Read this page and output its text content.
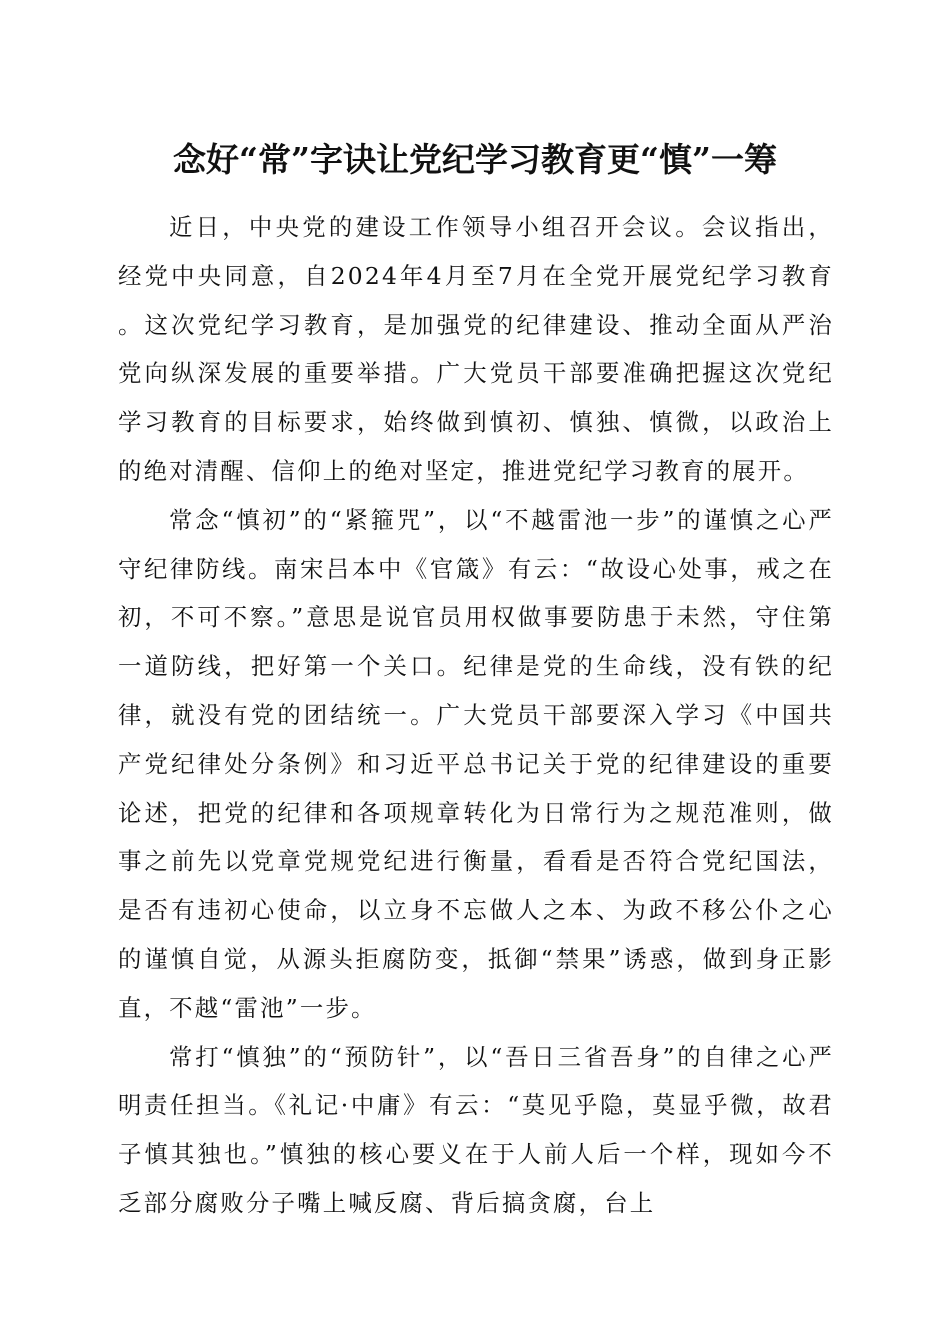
念好“常”字诀让党纪学习教育更“慎”一筹

近日，中央党的建设工作领导小组召开会议。会议指出，经党中央同意，自2024年4月至7月在全党开展党纪学习教育。这次党纪学习教育，是加强党的纪律建设、推动全面从严治党向纵深发展的重要举措。广大党员干部要准确把握这次党纪学习教育的目标要求，始终做到慎初、慎独、慎微，以政治上的绝对清醒、信仰上的绝对坚定，推进党纪学习教育的展开。

常念“慎初”的“紧箍咒”，以“不越雷池一步”的谨慎之心严守纪律防线。南宋吕本中《官箴》有云：“故设心处事，戒之在初，不可不察。”意思是说官员用权做事要防患于未然，守住第一道防线，把好第一个关口。纪律是党的生命线，没有铁的纪律，就没有党的团结统一。广大党员干部要深入学习《中国共产党纪律处分条例》和习近平总书记关于党的纪律建设的重要论述，把党的纪律和各项规章转化为日常行为之规范准则，做事之前先以党章党规党纪进行衡量，看看是否符合党纪国法，是否有违初心使命，以立身不忘做人之本、为政不移公仆之心的谨慎自觉，从源头拒腐防变，抵御“禁果”诱惑，做到身正影直，不越“雷池”一步。

常打“慎独”的“预防针”，以“吾日三省吾身”的自律之心严明责任担当。《礼记·中庸》有云：“莫见乎隐，莫显乎微，故君子慎其独也。”慎独的核心要义在于人前人后一个样，现如今不乏部分腐败分子嘴上喊反腐、背后搞贪腐，台上
